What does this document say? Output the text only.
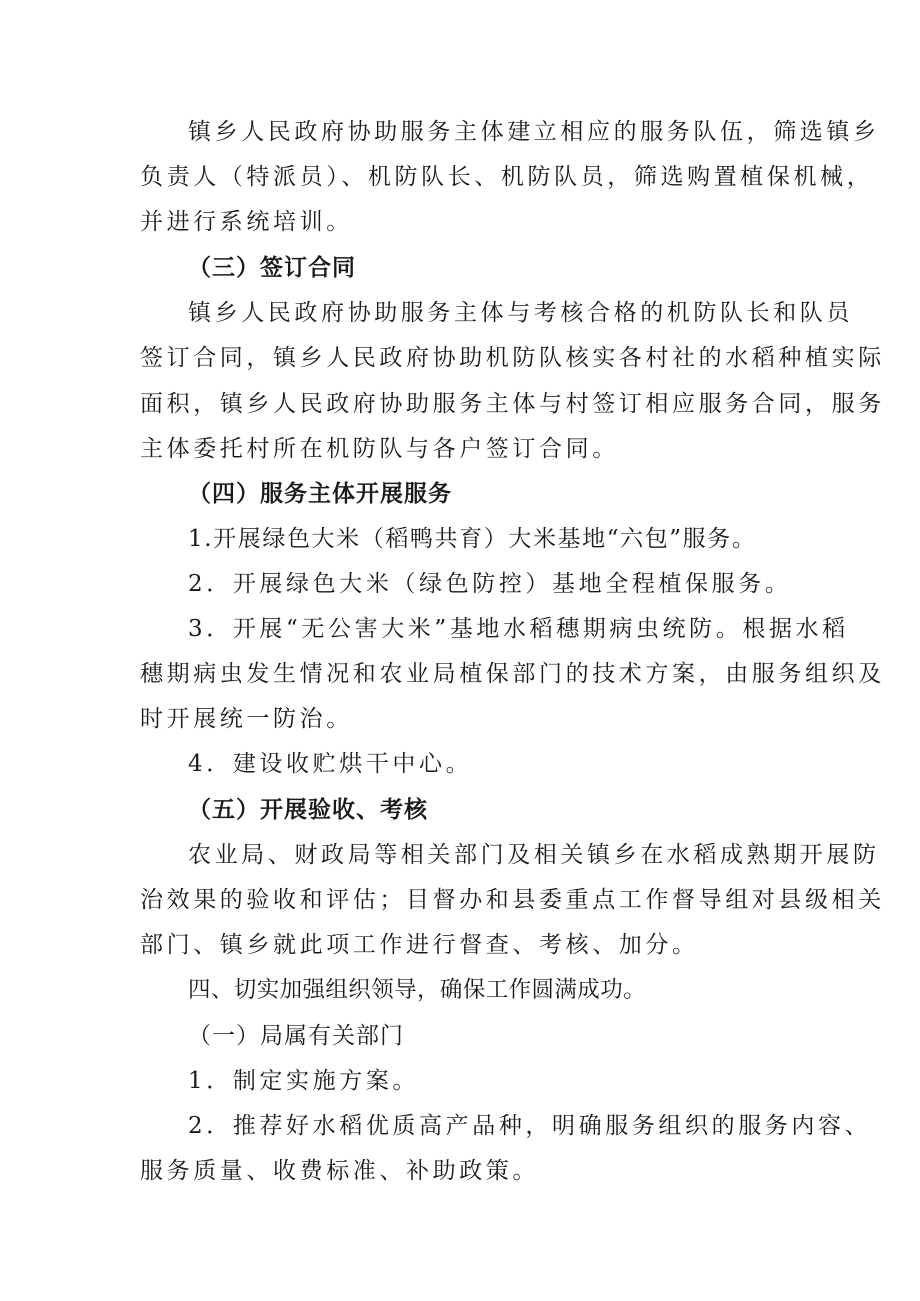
镇乡人民政府协助服务主体建立相应的服务队伍，筛选镇乡
负责人（特派员）、机防队长、机防队员，筛选购置植保机械，
并进行系统培训。
（三）签订合同
镇乡人民政府协助服务主体与考核合格的机防队长和队员
签订合同，镇乡人民政府协助机防队核实各村社的水稻种植实际
面积，镇乡人民政府协助服务主体与村签订相应服务合同，服务
主体委托村所在机防队与各户签订合同。
（四）服务主体开展服务
1.开展绿色大米（稻鸭共育）大米基地“六包”服务。
2．开展绿色大米（绿色防控）基地全程植保服务。
3．开展“无公害大米”基地水稻穗期病虫统防。根据水稻
穗期病虫发生情况和农业局植保部门的技术方案，由服务组织及
时开展统一防治。
4．建设收贮烘干中心。
（五）开展验收、考核
农业局、财政局等相关部门及相关镇乡在水稻成熟期开展防
治效果的验收和评估；目督办和县委重点工作督导组对县级相关
部门、镇乡就此项工作进行督查、考核、加分。
四、切实加强组织领导，确保工作圆满成功。
（一）局属有关部门
1．制定实施方案。
2．推荐好水稻优质高产品种，明确服务组织的服务内容、
服务质量、收费标准、补助政策。
